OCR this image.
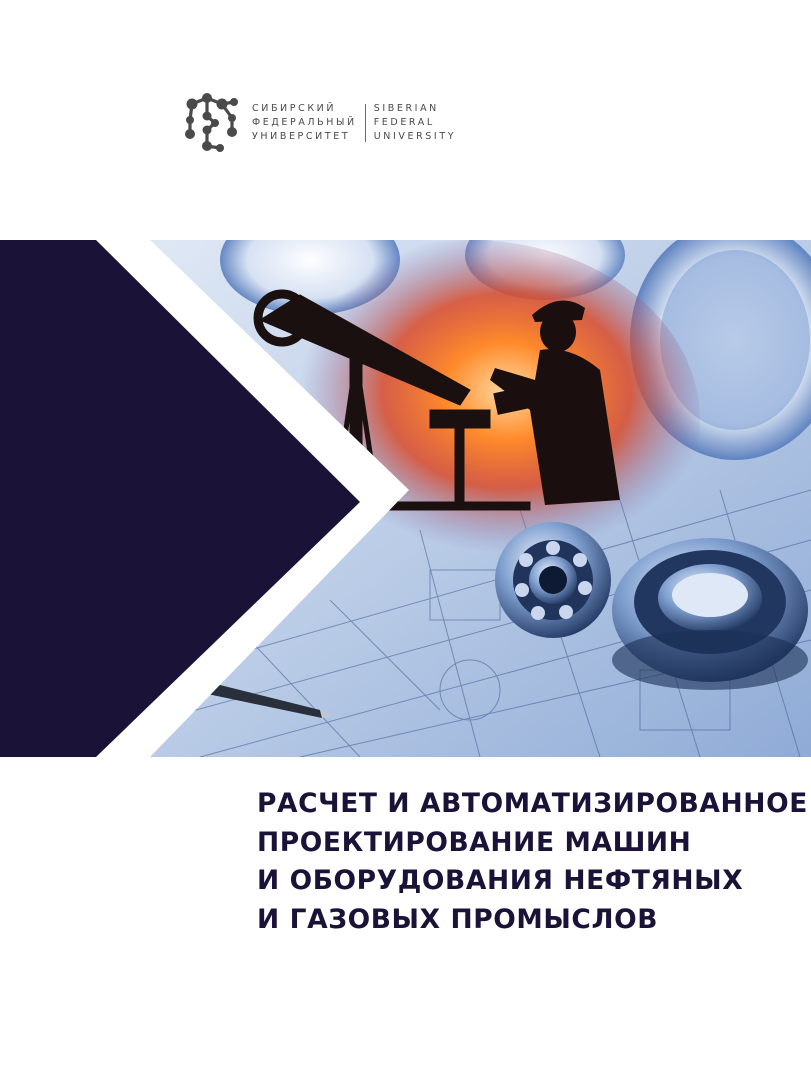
СИБИРСКИЙ
ФЕДЕРАЛЬНЫЙ
УНИВЕРСИТЕТ
SIBERIAN
FEDERAL
UNIVERSITY
РАСЧЕТ И АВТОМАТИЗИРОВАННОЕ
ПРОЕКТИРОВАНИЕ МАШИН
И ОБОРУДОВАНИЯ НЕФТЯНЫХ
И ГАЗОВЫХ ПРОМЫСЛОВ
